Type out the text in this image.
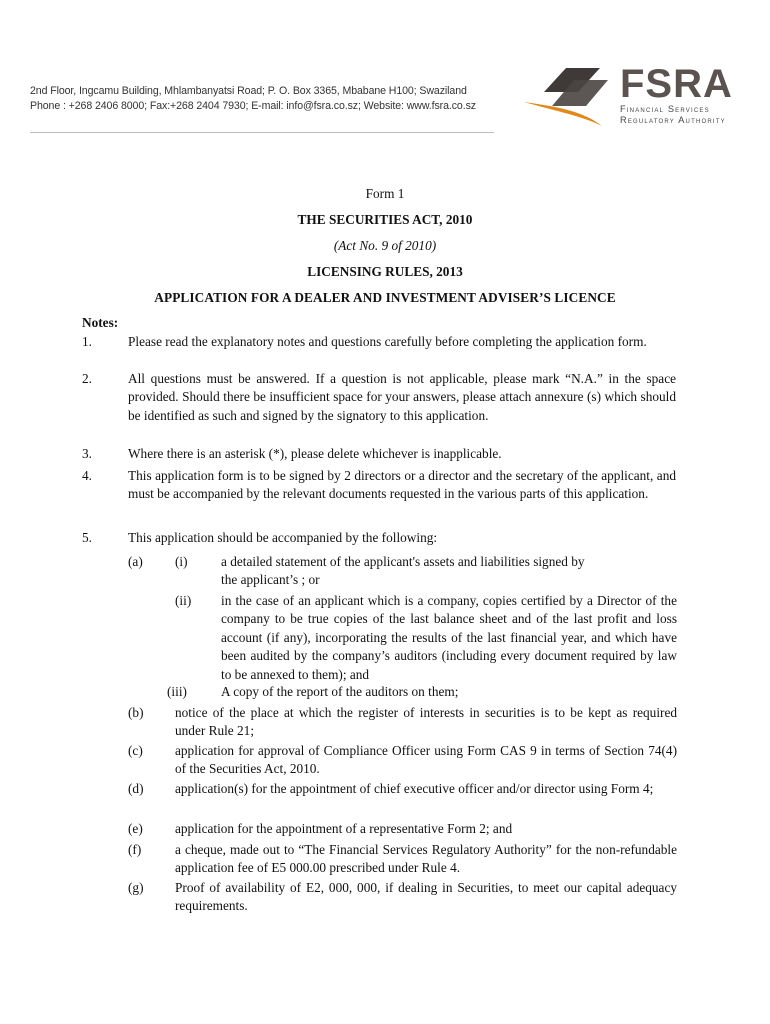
2nd Floor, Ingcamu Building, Mhlambanyatsi Road; P. O. Box 3365, Mbabane H100; Swaziland
Phone : +268 2406 8000; Fax:+268 2404 7930; E-mail: info@fsra.co.sz; Website: www.fsra.co.sz	FSRA
Financial Services
Regulatory Authority
Form 1
THE SECURITIES ACT, 2010
(Act No. 9 of 2010)
LICENSING RULES, 2013
APPLICATION FOR A DEALER AND INVESTMENT ADVISER’S LICENCE
Notes:
1.	Please read the explanatory notes and questions carefully before completing the application form.
2.	All questions must be answered. If a question is not applicable, please mark “N.A.” in the space provided. Should there be insufficient space for your answers, please attach annexure (s) which should be identified as such and signed by the signatory to this application.
3.	Where there is an asterisk (*), please delete whichever is inapplicable.
4.	This application form is to be signed by 2 directors or a director and the secretary of the applicant, and must be accompanied by the relevant documents requested in the various parts of this application.
5.	This application should be accompanied by the following:
(a) (i)	a detailed statement of the applicant's assets and liabilities signed by the applicant’s ; or
(ii) in the case of an applicant which is a company, copies certified by a Director of the company to be true copies of the last balance sheet and of the last profit and loss account (if any), incorporating the results of the last financial year, and which have been audited by the company’s auditors (including every document required by law to be annexed to them); and
(iii)	A copy of the report of the auditors on them;
(b) notice of the place at which the register of interests in securities is to be kept as required under Rule 21;
(c) application for approval of Compliance Officer using Form CAS 9 in terms of Section 74(4) of the Securities Act, 2010.
(d) application(s) for the appointment of chief executive officer and/or director using Form 4;
(e) application for the appointment of a representative Form 2; and
(f)	a cheque, made out to “The Financial Services Regulatory Authority” for the non-refundable application fee of E5 000.00 prescribed under Rule 4.
(g) Proof of availability of E2, 000, 000, if dealing in Securities, to meet our capital adequacy requirements.
